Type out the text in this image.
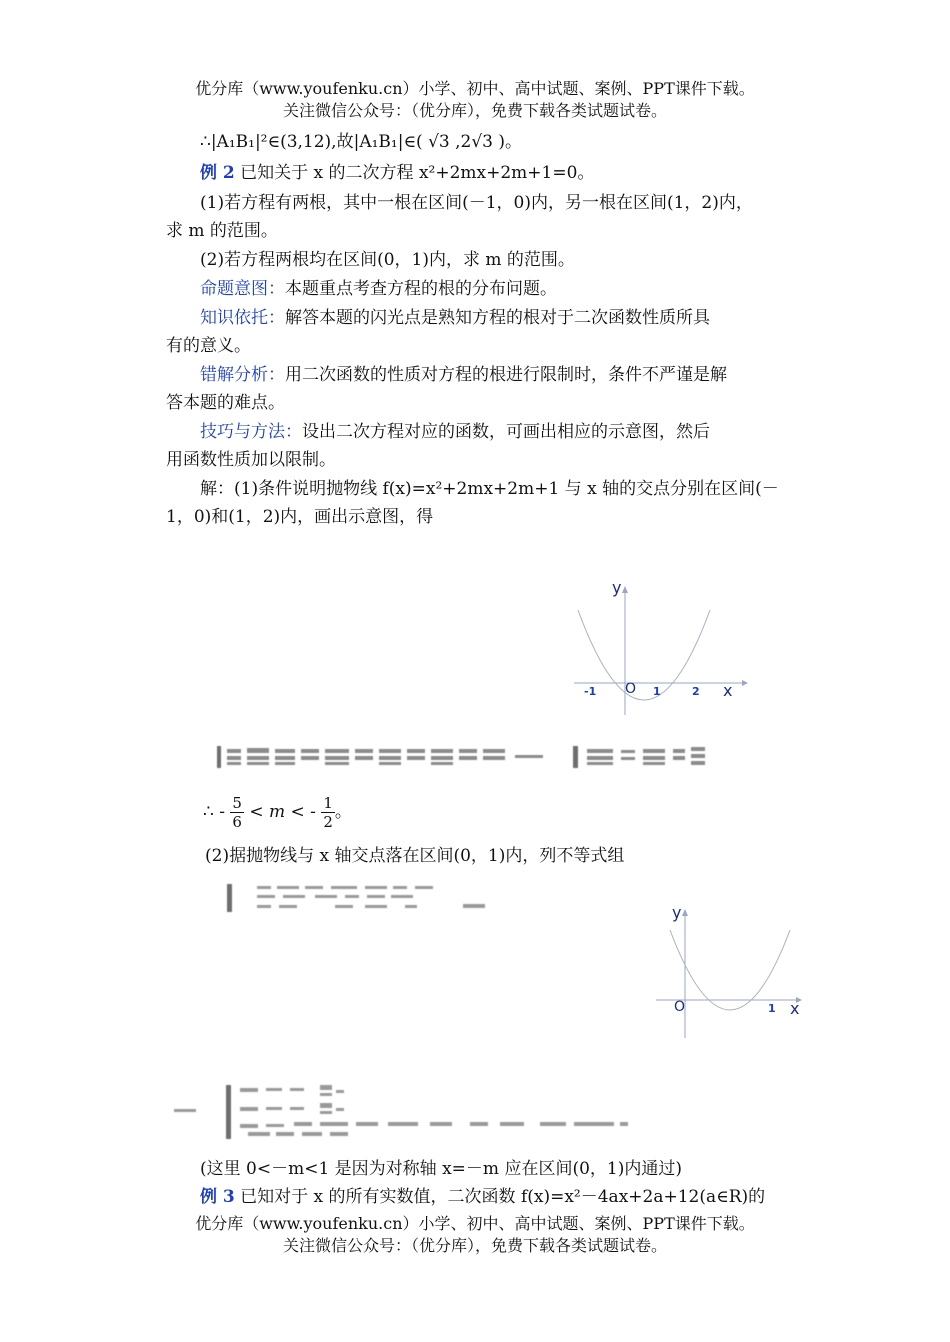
优分库（www.youfenku.cn）小学、初中、高中试题、案例、PPT课件下载。
关注微信公众号：（优分库），免费下载各类试题试卷。
∴|A₁B₁|²∈(3,12),故|A₁B₁|∈( √3 ,2√3 )。
例 2 已知关于 x 的二次方程 x²+2mx+2m+1=0。
(1)若方程有两根，其中一根在区间(－1，0)内，另一根在区间(1，2)内，
求 m 的范围。
(2)若方程两根均在区间(0，1)内，求 m 的范围。
命题意图：本题重点考查方程的根的分布问题。
知识依托：解答本题的闪光点是熟知方程的根对于二次函数性质所具
有的意义。
错解分析：用二次函数的性质对方程的根进行限制时，条件不严谨是解
答本题的难点。
技巧与方法：设出二次方程对应的函数，可画出相应的示意图，然后
用函数性质加以限制。
解：(1)条件说明抛物线 f(x)=x²+2mx+2m+1 与 x 轴的交点分别在区间(－
1，0)和(1，2)内，画出示意图，得
y
x
O
-1	1	2
∴ - $\frac{5}{6} < m$ < - $\frac{1}{2}$ 。
(2)据抛物线与 x 轴交点落在区间(0，1)内，列不等式组
y
x
O	1
(这里 0<－m<1 是因为对称轴 x=－m 应在区间(0，1)内通过)
例 3 已知对于 x 的所有实数值，二次函数 f(x)=x²－4ax+2a+12(a∈R)的
优分库（www.youfenku.cn）小学、初中、高中试题、案例、PPT课件下载。
关注微信公众号：（优分库），免费下载各类试题试卷。
